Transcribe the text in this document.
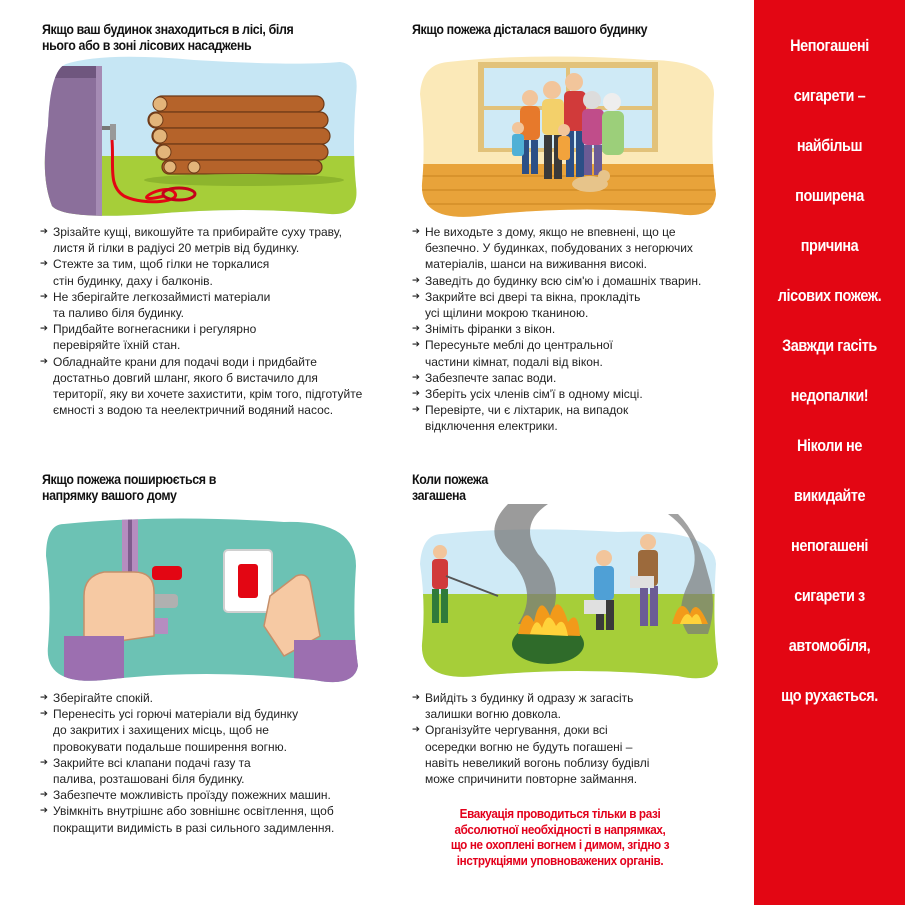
Якщо ваш будинок знаходиться в лісі, біля
нього або в зоні лісових насаджень
➔ Зрізайте кущі, викошуйте та прибирайте суху траву,
листя й гілки в радіусі 20 метрів від будинку.
➔ Стежте за тим, щоб гілки не торкалися
стін будинку, даху і балконів.
➔ Не зберігайте легкозаймисті матеріали
та паливо біля будинку.
➔ Придбайте вогнегасники і регулярно
перевіряйте їхній стан.
➔ Обладнайте крани для подачі води і придбайте
достатньо довгий шланг, якого б вистачило для
території, яку ви хочете захистити, крім того, підготуйте
ємності з водою та неелектричний водяний насос.
Якщо пожежа дісталася вашого будинку
➔ Не виходьте з дому, якщо не впевнені, що це
безпечно. У будинках, побудованих з негорючих
матеріалів, шанси на виживання високі.
➔ Заведіть до будинку всю сім'ю і домашніх тварин.
➔ Закрийте всі двері та вікна, прокладіть
усі щілини мокрою тканиною.
➔ Зніміть фіранки з вікон.
➔ Пересуньте меблі до центральної
частини кімнат, подалі від вікон.
➔ Забезпечте запас води.
➔ Зберіть усіх членів сім'ї в одному місці.
➔ Перевірте, чи є ліхтарик, на випадок
відключення електрики.
Якщо пожежа поширюється в
напрямку вашого дому
➔ Зберігайте спокій.
➔ Перенесіть усі горючі матеріали від будинку
до закритих і захищених місць, щоб не
провокувати подальше поширення вогню.
➔ Закрийте всі клапани подачі газу та
палива, розташовані біля будинку.
➔ Забезпечте можливість проїзду пожежних машин.
➔ Увімкніть внутрішнє або зовнішнє освітлення, щоб
покращити видимість в разі сильного задимлення.
Коли пожежа
загашена
➔ Вийдіть з будинку й одразу ж загасіть
залишки вогню довкола.
➔ Організуйте чергування, доки всі
осередки вогню не будуть погашені –
навіть невеликий вогонь поблизу будівлі
може спричинити повторне займання.
Евакуація проводиться тільки в разі
абсолютної необхідності в напрямках,
що не охоплені вогнем і димом, згідно з
інструкціями уповноважених органів.
Непогашені
сигарети –
найбільш
поширена
причина
лісових пожеж.
Завжди гасіть
недопалки!
Ніколи не
викидайте
непогашені
сигарети з
автомобіля,
що рухається.
